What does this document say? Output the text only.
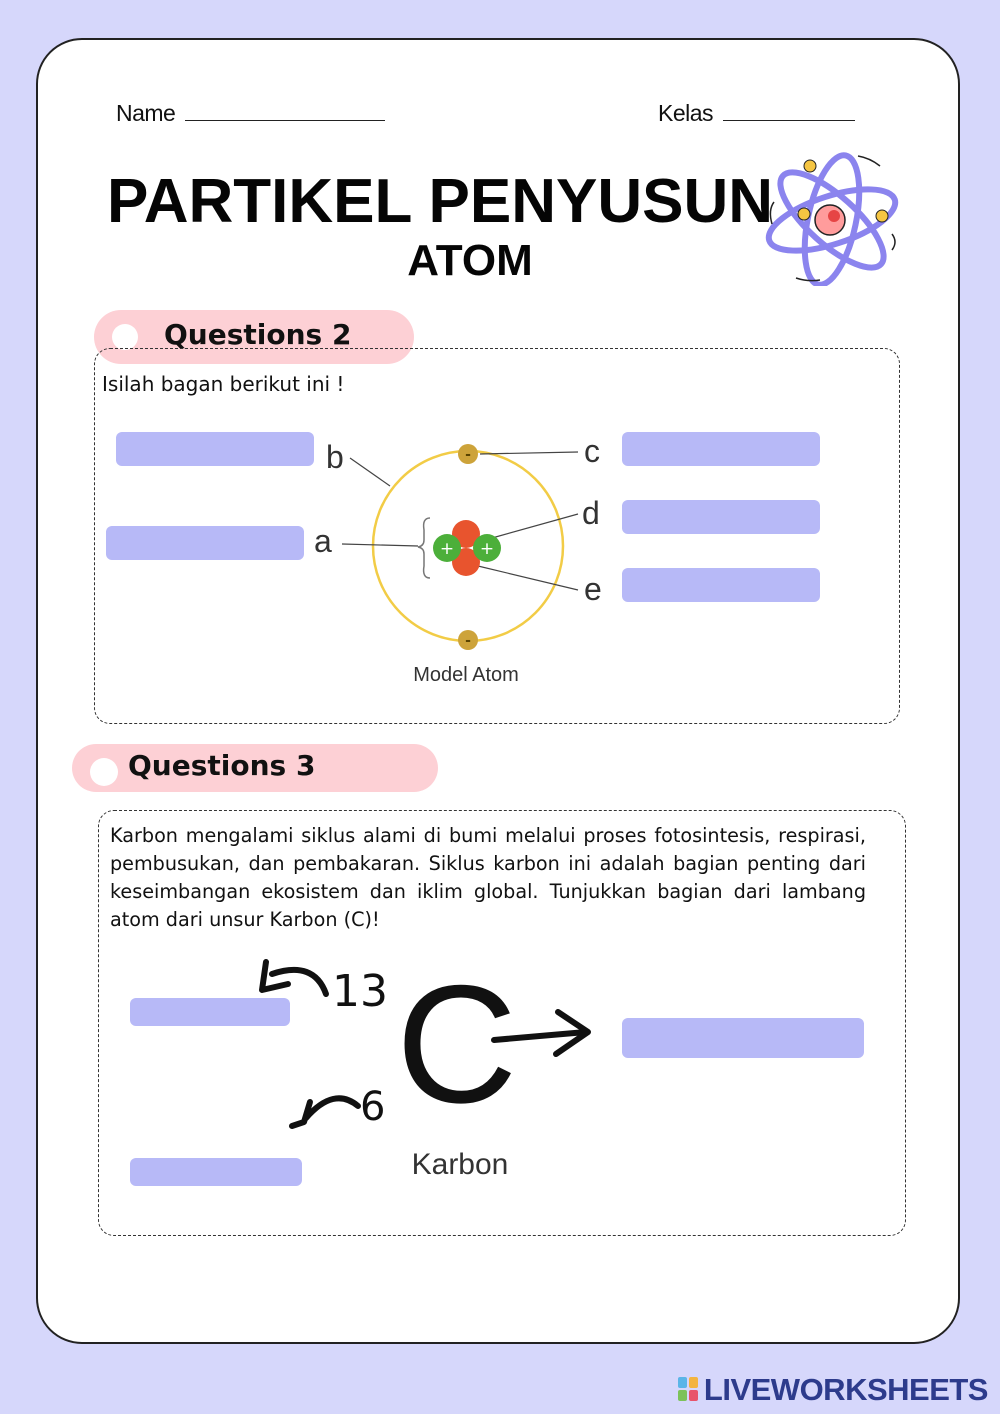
Name	Kelas
PARTIKEL PENYUSUN
ATOM
Questions 2
Isilah bagan berikut ini !
+ +
-
-
b
a
c
d
e
Model Atom
Questions 3
Karbon mengalami siklus alami di bumi melalui proses fotosintesis, respirasi, pembusukan, dan pembakaran. Siklus karbon ini adalah bagian penting dari keseimbangan ekosistem dan iklim global. Tunjukkan bagian dari lambang atom dari unsur Karbon (C)!
13
6 C
Karbon
LIVEWORKSHEETS
